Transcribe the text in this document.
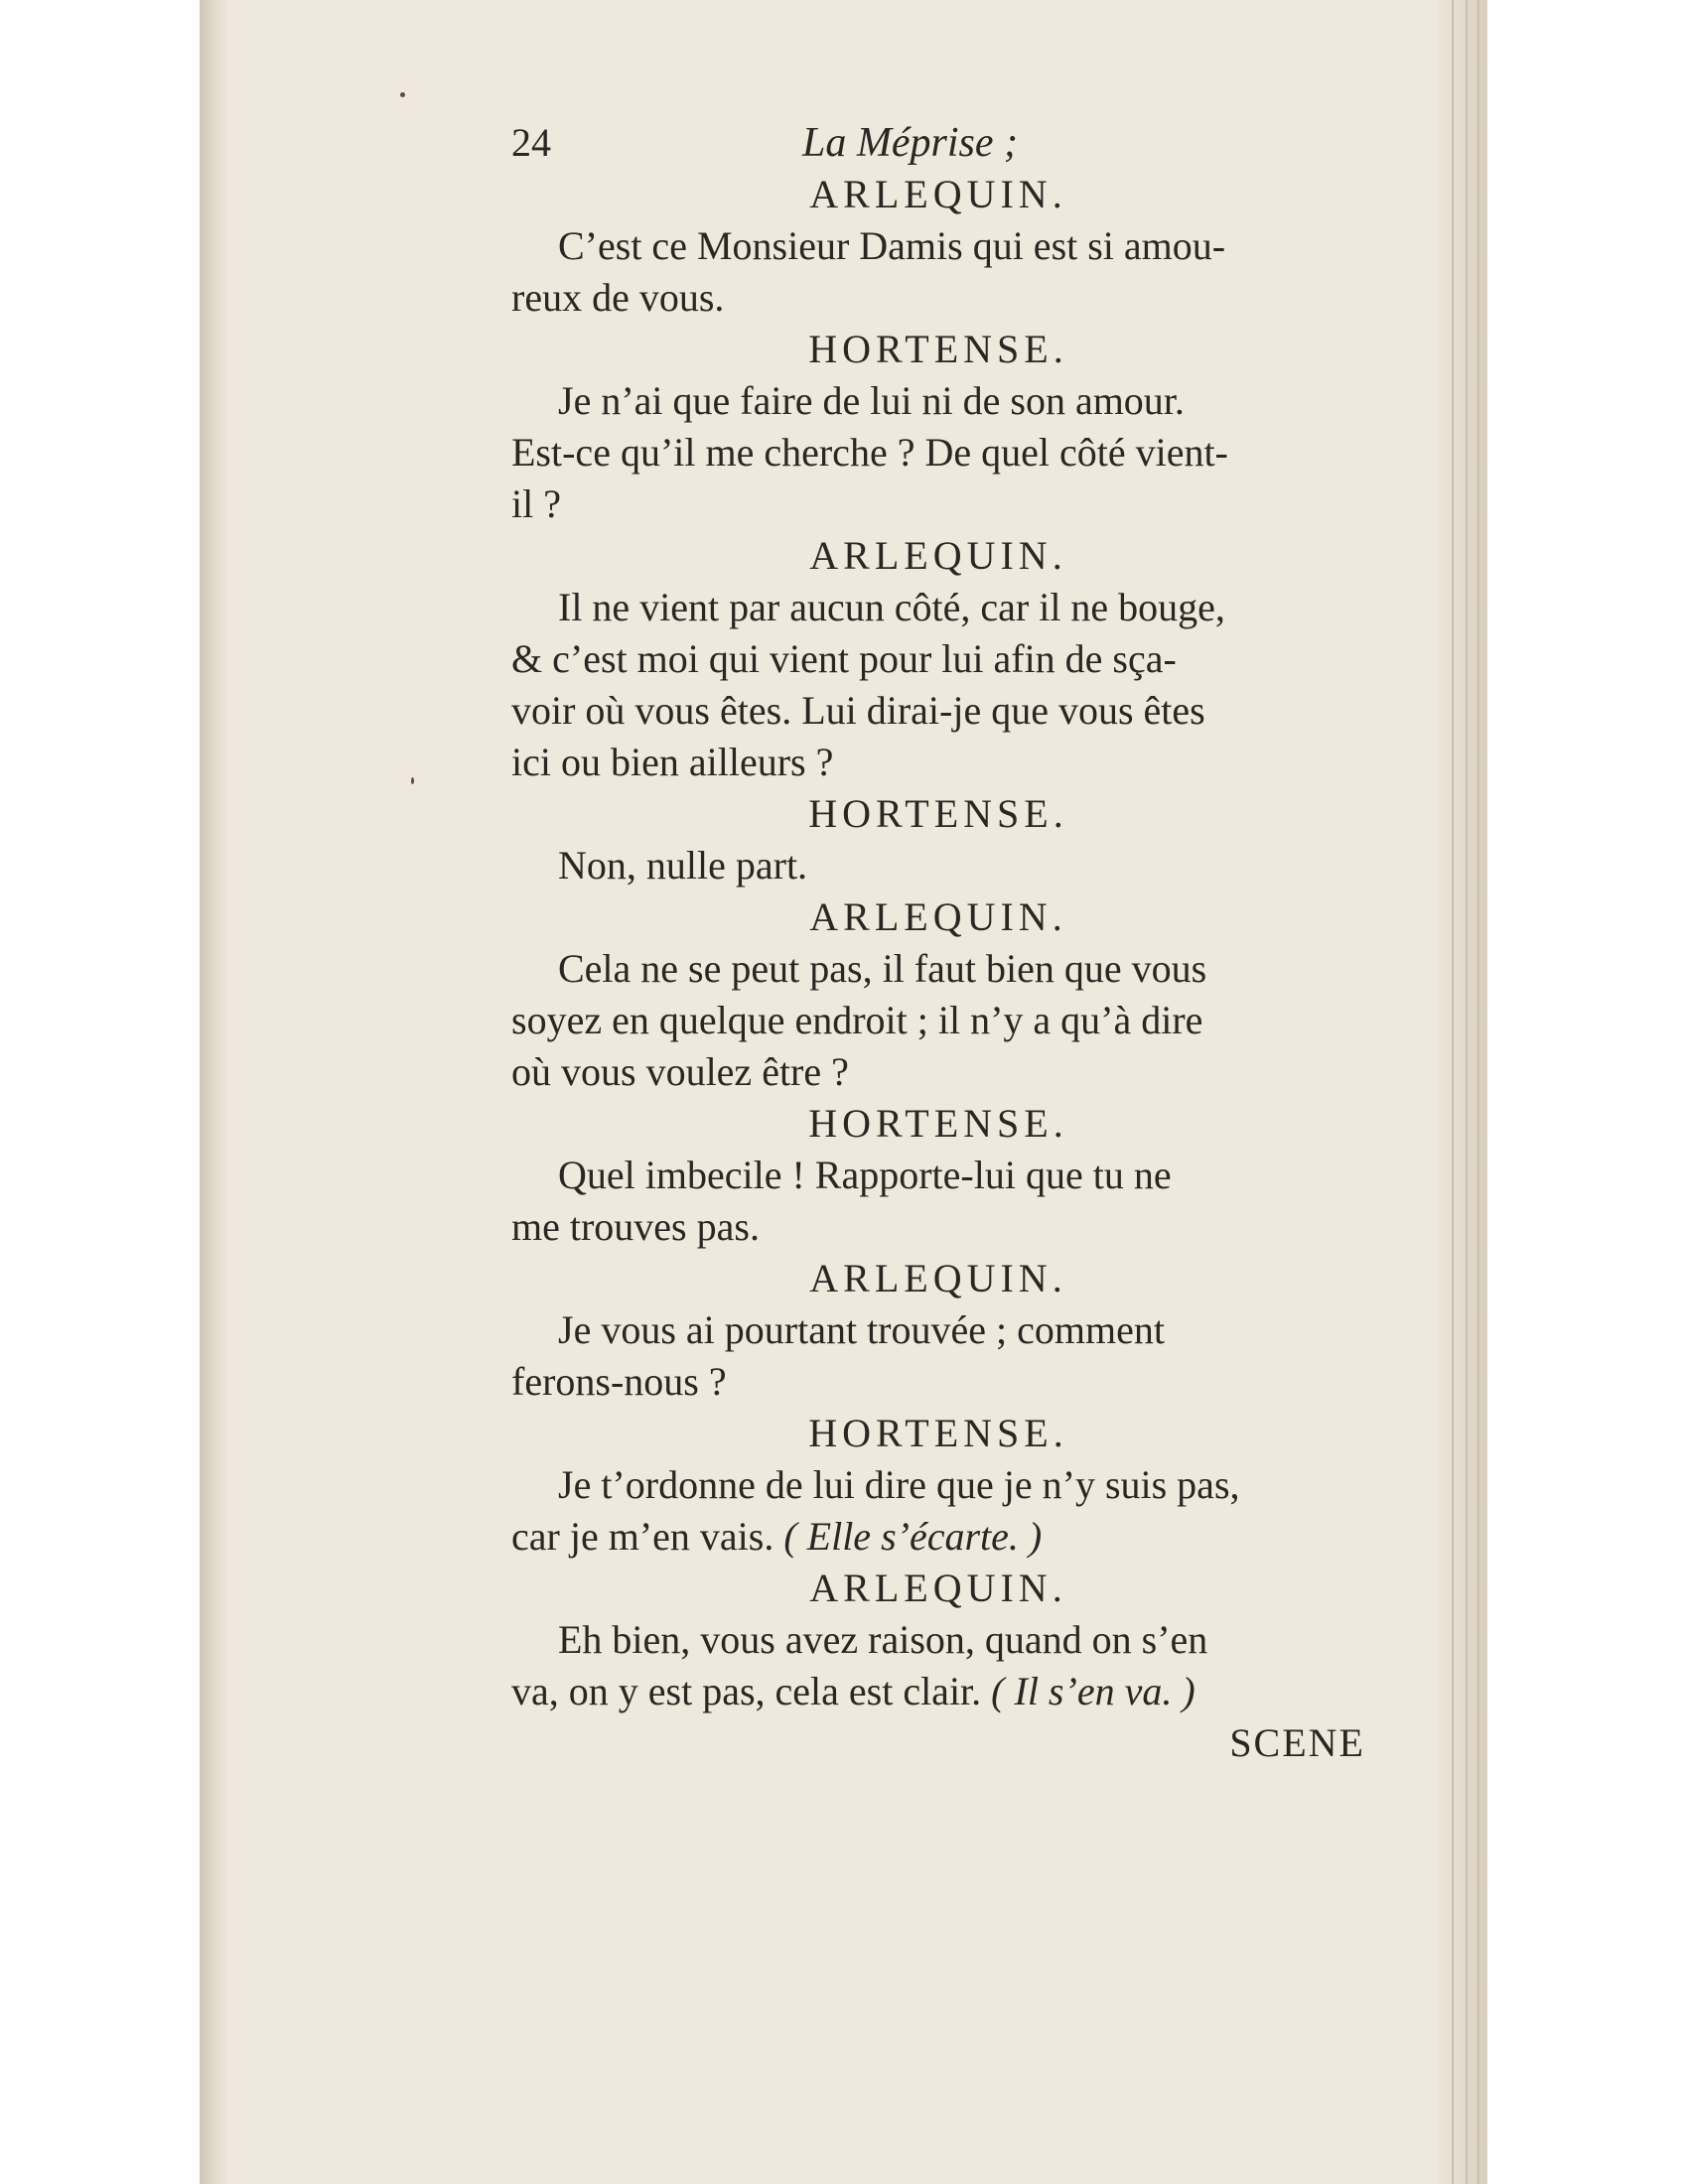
24	La Méprise ;
ARLEQUIN.

C’est ce Monsieur Damis qui est si amou-

reux de vous.

HORTENSE.

Je n’ai que faire de lui ni de son amour.

Est-ce qu’il me cherche ? De quel côté vient-

il ?

ARLEQUIN.

Il ne vient par aucun côté, car il ne bouge,

& c’est moi qui vient pour lui afin de sça-

voir où vous êtes. Lui dirai-je que vous êtes

ici ou bien ailleurs ?

HORTENSE.

Non, nulle part.

ARLEQUIN.

Cela ne se peut pas, il faut bien que vous

soyez en quelque endroit ; il n’y a qu’à dire

où vous voulez être ?

HORTENSE.

Quel imbecile ! Rapporte-lui que tu ne

me trouves pas.

ARLEQUIN.

Je vous ai pourtant trouvée ; comment

ferons-nous ?

HORTENSE.

Je t’ordonne de lui dire que je n’y suis pas,

car je m’en vais. ( Elle s’écarte. )

ARLEQUIN.

Eh bien, vous avez raison, quand on s’en

va, on y est pas, cela est clair. ( Il s’en va. )

SCENE
